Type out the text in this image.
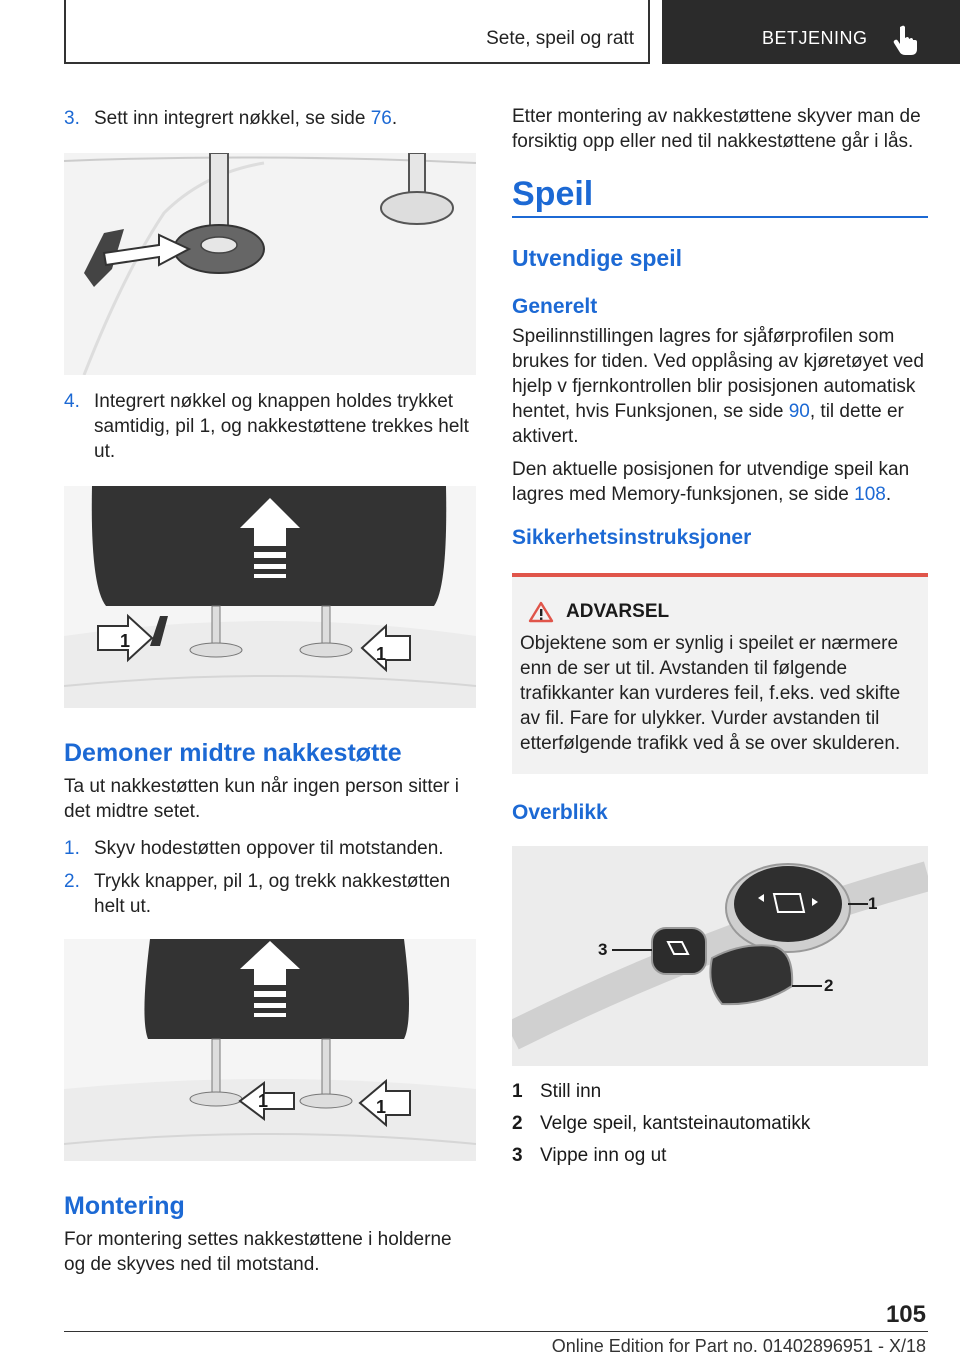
Sete, speil og ratt	BETJENING
3. Sett inn integrert nøkkel, se side 76.
4. Integrert nøkkel og knappen holdes trykket samtidig, pil 1, og nakkestøttene trekkes helt ut.
1
1
Demoner midtre nakkestøtte

Ta ut nakkestøtten kun når ingen person sitter i det midtre setet.

1. Skyv hodestøtten oppover til motstanden.
2. Trykk knapper, pil 1, og trekk nakkestøtten helt ut.
1	1
Montering

For montering settes nakkestøttene i holderne og de skyves ned til motstand.

Etter montering av nakkestøttene skyver man de forsiktig opp eller ned til nakkestøttene går i lås.

Speil
Utvendige speil
Generelt

Speilinnstillingen lagres for sjåførprofilen som brukes for tiden. Ved opplåsing av kjøretøyet ved hjelp v fjernkontrollen blir posisjonen automatisk hentet, hvis Funksjonen, se side 90, til dette er aktivert.

Den aktuelle posisjonen for utvendige speil kan lagres med Memory-funksjonen, se side 108.

Sikkerhetsinstruksjoner
ADVARSEL

Objektene som er synlig i speilet er nærmere enn de ser ut til. Avstanden til følgende trafikkanter kan vurderes feil, f.eks. ved skifte av fil. Fare for ulykker. Vurder avstanden til etterfølgende trafikk ved å se over skulderen.

Overblikk
1
2
3
1 Still inn
2 Velge speil, kantsteinautomatikk
3 Vippe inn og ut
105
Online Edition for Part no. 01402896951 - X/18
